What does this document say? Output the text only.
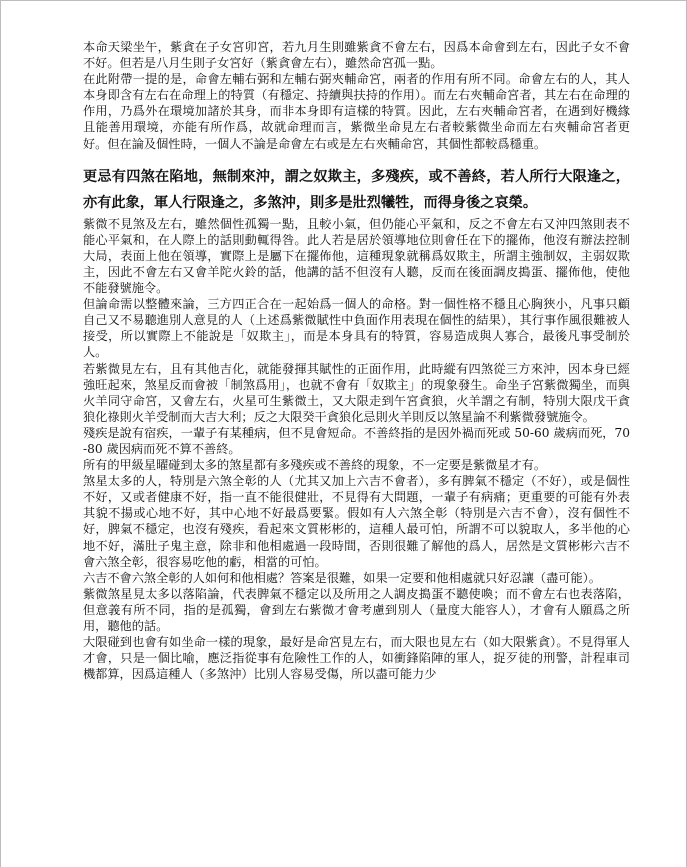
本命天梁坐午，紫貪在子女宮卯宮，若九月生則雖紫貪不會左右，因爲本命會到左右，因此子女不會不好。但若是八月生則子女宮好（紫貪會左右），雖然命宮孤一點。

在此附帶一提的是，命會左輔右弼和左輔右弼夾輔命宮，兩者的作用有所不同。命會左右的人，其人本身即含有左右在命理上的特質（有穩定、持續與扶持的作用）。而左右夾輔命宮者，其左右在命理的作用，乃爲外在環境加諸於其身，而非本身即有這樣的特質。因此，左右夾輔命宮者，在遇到好機緣且能善用環境，亦能有所作爲，故就命理而言，紫微坐命見左右者較紫微坐命而左右夾輔命宮者更好。但在論及個性時，一個人不論是命會左右或是左右夾輔命宮，其個性都較爲穩重。

更忌有四煞在陷地，無制來沖，謂之奴欺主，多殘疾，或不善終，若人所行大限逢之，亦有此象，軍人行限逢之，多煞沖，則多是壯烈犧牲，而得身後之哀榮。

紫微不見煞及左右，雖然個性孤獨一點，且較小氣，但仍能心平氣和，反之不會左右又沖四煞則表不能心平氣和，在人際上的話則動輒得咎。此人若是居於領導地位則會任在下的擺佈，他沒有辦法控制大局，表面上他在領導，實際上是屬下在擺佈他，這種現象就稱爲奴欺主，所謂主強制奴，主弱奴欺主，因此不會左右又會羊陀火鈴的話，他講的話不但沒有人聽，反而在後面調皮搗蛋、擺佈他，使他不能發號施令。

但論命需以整體來論，三方四正合在一起始爲一個人的命格。對一個性格不穩且心胸狹小，凡事只顧自己又不易聽進別人意見的人（上述爲紫微賦性中負面作用表現在個性的結果），其行事作風很難被人接受，所以實際上不能說是「奴欺主」，而是本身具有的特質，容易造成與人寡合，最後凡事受制於人。

若紫微見左右，且有其他吉化，就能發揮其賦性的正面作用，此時縱有四煞從三方來沖，因本身已經強旺起來，煞星反而會被「制煞爲用」，也就不會有「奴欺主」的現象發生。命坐子宮紫微獨坐，而與火羊同守命宮，又會左右，火星可生紫微土，又大限走到午宮貪狼，火羊謂之有制，特別大限戊干貪狼化祿則火羊受制而大吉大利；反之大限癸干貪狼化忌則火羊則反以煞星論不利紫微發號施令。

殘疾是說有宿疾，一輩子有某種病，但不見會短命。不善終指的是因外禍而死或 50-60 歲病而死，70-80 歲因病而死不算不善終。

所有的甲級星曜碰到太多的煞星都有多殘疾或不善終的現象，不一定要是紫微星才有。

煞星太多的人，特別是六煞全彰的人（尤其又加上六吉不會者），多有脾氣不穩定（不好），或是個性不好，又或者健康不好，指一直不能很健壯，不見得有大問題，一輩子有病痛；更重要的可能有外表其貌不揚或心地不好，其中心地不好最爲要緊。假如有人六煞全彰（特別是六吉不會），沒有個性不好，脾氣不穩定，也沒有殘疾，看起來文質彬彬的，這種人最可怕，所謂不可以貌取人，多半他的心地不好，滿肚子鬼主意，除非和他相處過一段時間，否則很難了解他的爲人，居然是文質彬彬六吉不會六煞全彰，很容易吃他的虧，相當的可怕。

六吉不會六煞全彰的人如何和他相處？答案是很難，如果一定要和他相處就只好忍讓（盡可能）。

紫微煞星見太多以落陷論，代表脾氣不穩定以及所用之人調皮搗蛋不聽使喚；而不會左右也表落陷，但意義有所不同，指的是孤獨，會到左右紫微才會考慮到別人（量度大能容人），才會有人願爲之所用，聽他的話。

大限碰到也會有如坐命一樣的現象，最好是命宮見左右，而大限也見左右（如大限紫貪）。不見得軍人才會，只是一個比喻，應泛指從事有危險性工作的人，如衝鋒陷陣的軍人，捉歹徒的刑警，計程車司機都算，因爲這種人（多煞沖）比別人容易受傷，所以盡可能力少
